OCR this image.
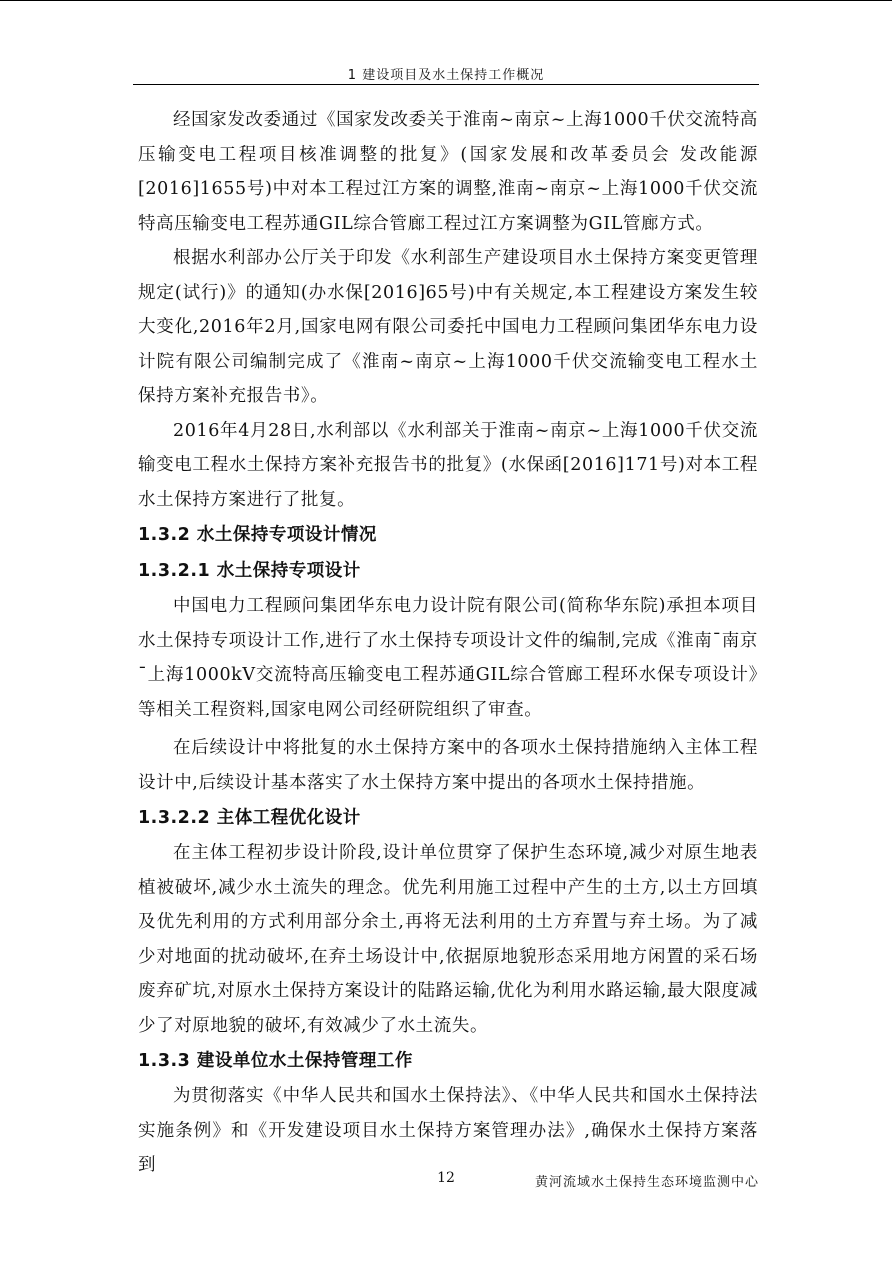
1 建设项目及水土保持工作概况

经国家发改委通过《国家发改委关于淮南~南京~上海1000千伏交流特高压输变电工程项目核准调整的批复》(国家发展和改革委员会 发改能源[2016]1655号)中对本工程过江方案的调整,淮南~南京~上海1000千伏交流特高压输变电工程苏通GIL综合管廊工程过江方案调整为GIL管廊方式。

根据水利部办公厅关于印发《水利部生产建设项目水土保持方案变更管理规定(试行)》的通知(办水保[2016]65号)中有关规定,本工程建设方案发生较大变化,2016年2月,国家电网有限公司委托中国电力工程顾问集团华东电力设计院有限公司编制完成了《淮南~南京~上海1000千伏交流输变电工程水土保持方案补充报告书》。

2016年4月28日,水利部以《水利部关于淮南~南京~上海1000千伏交流输变电工程水土保持方案补充报告书的批复》(水保函[2016]171号)对本工程水土保持方案进行了批复。

1.3.2 水土保持专项设计情况

1.3.2.1 水土保持专项设计

中国电力工程顾问集团华东电力设计院有限公司(简称华东院)承担本项目水土保持专项设计工作,进行了水土保持专项设计文件的编制,完成《淮南¯南京¯上海1000kV交流特高压输变电工程苏通GIL综合管廊工程环水保专项设计》等相关工程资料,国家电网公司经研院组织了审查。

在后续设计中将批复的水土保持方案中的各项水土保持措施纳入主体工程设计中,后续设计基本落实了水土保持方案中提出的各项水土保持措施。

1.3.2.2 主体工程优化设计

在主体工程初步设计阶段,设计单位贯穿了保护生态环境,减少对原生地表植被破坏,减少水土流失的理念。优先利用施工过程中产生的土方,以土方回填及优先利用的方式利用部分余土,再将无法利用的土方弃置与弃土场。为了减少对地面的扰动破坏,在弃土场设计中,依据原地貌形态采用地方闲置的采石场废弃矿坑,对原水土保持方案设计的陆路运输,优化为利用水路运输,最大限度减少了对原地貌的破坏,有效减少了水土流失。

1.3.3 建设单位水土保持管理工作

为贯彻落实《中华人民共和国水土保持法》、《中华人民共和国水土保持法实施条例》和《开发建设项目水土保持方案管理办法》,确保水土保持方案落到

12	黄河流域水土保持生态环境监测中心
